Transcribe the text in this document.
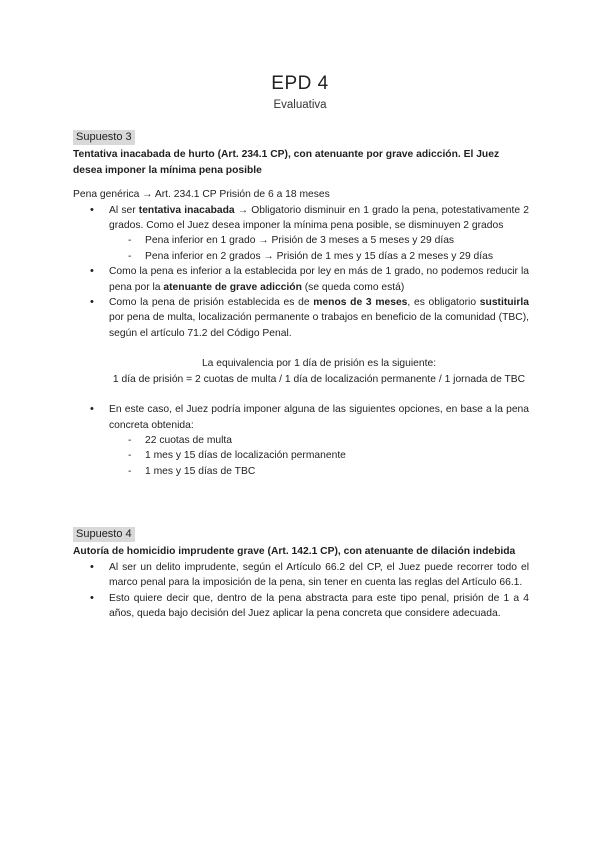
EPD 4
Evaluativa
Supuesto 3
Tentativa inacabada de hurto (Art. 234.1 CP), con atenuante por grave adicción. El Juez desea imponer la mínima pena posible

Pena genérica → Art. 234.1 CP Prisión de 6 a 18 meses

• Al ser tentativa inacabada → Obligatorio disminuir en 1 grado la pena, potestativamente 2 grados. Como el Juez desea imponer la mínima pena posible, se disminuyen 2 grados
- Pena inferior en 1 grado → Prisión de 3 meses a 5 meses y 29 días
- Pena inferior en 2 grados → Prisión de 1 mes y 15 días a 2 meses y 29 días
• Como la pena es inferior a la establecida por ley en más de 1 grado, no podemos reducir la pena por la atenuante de grave adicción (se queda como está)
• Como la pena de prisión establecida es de menos de 3 meses, es obligatorio sustituirla por pena de multa, localización permanente o trabajos en beneficio de la comunidad (TBC), según el artículo 71.2 del Código Penal.
La equivalencia por 1 día de prisión es la siguiente:
1 día de prisión = 2 cuotas de multa / 1 día de localización permanente / 1 jornada de TBC
• En este caso, el Juez podría imponer alguna de las siguientes opciones, en base a la pena concreta obtenida:
- 22 cuotas de multa
- 1 mes y 15 días de localización permanente
- 1 mes y 15 días de TBC
Supuesto 4
Autoría de homicidio imprudente grave (Art. 142.1 CP), con atenuante de dilación indebida
• Al ser un delito imprudente, según el Artículo 66.2 del CP, el Juez puede recorrer todo el marco penal para la imposición de la pena, sin tener en cuenta las reglas del Artículo 66.1.
• Esto quiere decir que, dentro de la pena abstracta para este tipo penal, prisión de 1 a 4 años, queda bajo decisión del Juez aplicar la pena concreta que considere adecuada.
